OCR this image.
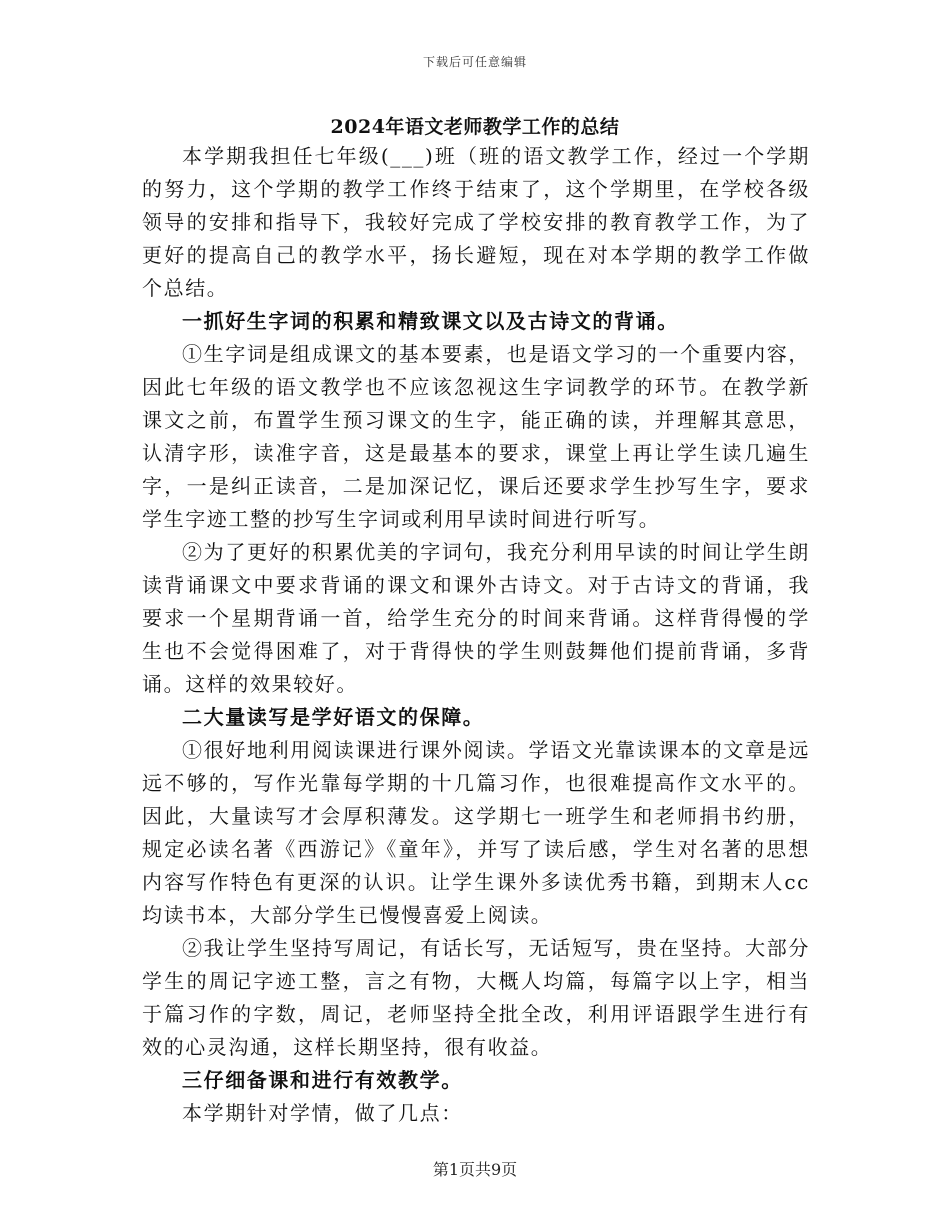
下载后可任意编辑
2024年语文老师教学工作的总结

本学期我担任七年级(___)班（班的语文教学工作，经过一个学期的努力，这个学期的教学工作终于结束了，这个学期里，在学校各级领导的安排和指导下，我较好完成了学校安排的教育教学工作，为了更好的提高自己的教学水平，扬长避短，现在对本学期的教学工作做个总结。

一抓好生字词的积累和精致课文以及古诗文的背诵。

①生字词是组成课文的基本要素，也是语文学习的一个重要内容，因此七年级的语文教学也不应该忽视这生字词教学的环节。在教学新课文之前，布置学生预习课文的生字，能正确的读，并理解其意思，认清字形，读准字音，这是最基本的要求，课堂上再让学生读几遍生字，一是纠正读音，二是加深记忆，课后还要求学生抄写生字，要求学生字迹工整的抄写生字词或利用早读时间进行听写。

②为了更好的积累优美的字词句，我充分利用早读的时间让学生朗读背诵课文中要求背诵的课文和课外古诗文。对于古诗文的背诵，我要求一个星期背诵一首，给学生充分的时间来背诵。这样背得慢的学生也不会觉得困难了，对于背得快的学生则鼓舞他们提前背诵，多背诵。这样的效果较好。

二大量读写是学好语文的保障。

①很好地利用阅读课进行课外阅读。学语文光靠读课本的文章是远远不够的，写作光靠每学期的十几篇习作，也很难提高作文水平的。因此，大量读写才会厚积薄发。这学期七一班学生和老师捐书约册，规定必读名著《西游记》《童年》，并写了读后感，学生对名著的思想内容写作特色有更深的认识。让学生课外多读优秀书籍，到期末人cc均读书本，大部分学生已慢慢喜爱上阅读。

②我让学生坚持写周记，有话长写，无话短写，贵在坚持。大部分学生的周记字迹工整，言之有物，大概人均篇，每篇字以上字，相当于篇习作的字数，周记，老师坚持全批全改，利用评语跟学生进行有效的心灵沟通，这样长期坚持，很有收益。

三仔细备课和进行有效教学。

本学期针对学情，做了几点：

第1页共9页
